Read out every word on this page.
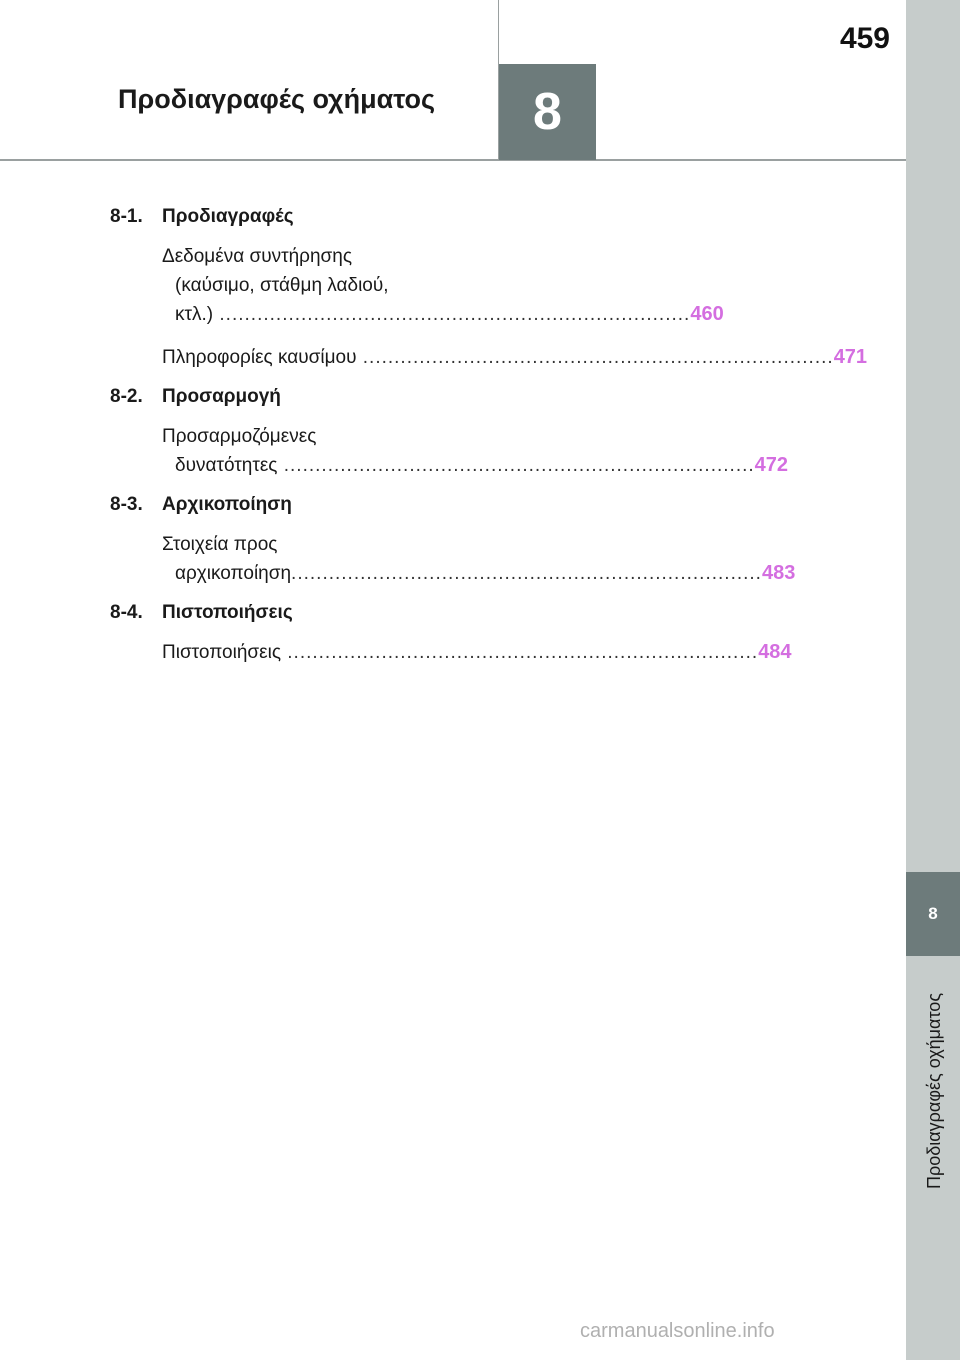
459
Προδιαγραφές οχήματος	8
8
Προδιαγραφές οχήματος
8-1.	Προδιαγραφές
Δεδομένα συντήρησης
(καύσιμο, στάθμη λαδιού,
κτλ.) ........................................................................... 460
Πληροφορίες καυσίμου ........................................................................... 471
8-2.	Προσαρμογή
Προσαρμοζόμενες
δυνατότητες ........................................................................... 472
8-3.	Αρχικοποίηση
Στοιχεία προς
αρχικοποίηση ........................................................................... 483
8-4.	Πιστοποιήσεις
Πιστοποιήσεις ........................................................................... 484
carmanualsonline.info
